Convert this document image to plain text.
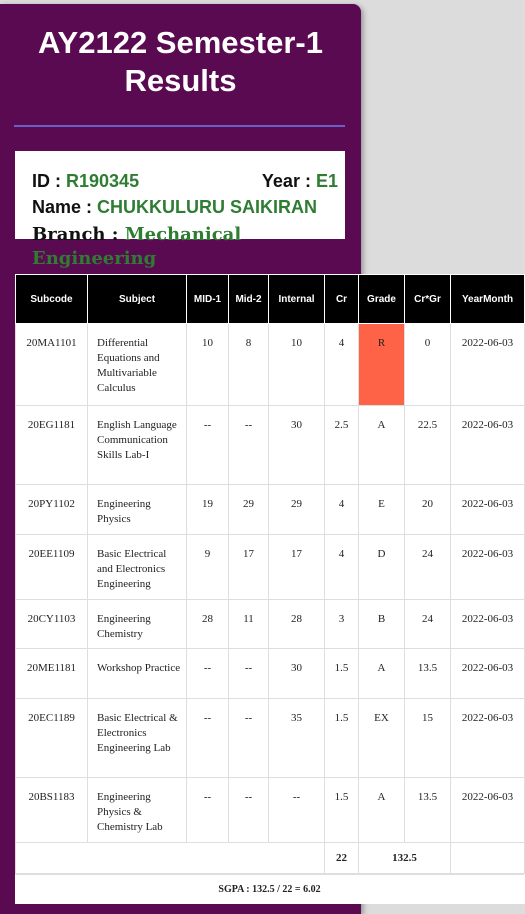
AY2122 Semester-1 Results
ID : R190345	Year : E1
Name : CHUKKULURU SAIKIRAN
Branch : Mechanical
Engineering
Subcode	Subject	MID-1	Mid-2	Internal	Cr	Grade	Cr*Gr	YearMonth
20MA1101	Differential Equations and Multivariable Calculus	10	8	10	4	R	0	2022-06-03
20EG1181	English Language Communication Skills Lab-I	--	--	30	2.5	A	22.5	2022-06-03
20PY1102	Engineering Physics	19	29	29	4	E	20	2022-06-03
20EE1109	Basic Electrical and Electronics Engineering	9	17	17	4	D	24	2022-06-03
20CY1103	Engineering Chemistry	28	11	28	3	B	24	2022-06-03
20ME1181	Workshop Practice	--	--	30	1.5	A	13.5	2022-06-03
20EC1189	Basic Electrical & Electronics Engineering Lab	--	--	35	1.5	EX	15	2022-06-03
20BS1183	Engineering Physics & Chemistry Lab	--	--	--	1.5	A	13.5	2022-06-03
					22	132.5		
SGPA : 132.5 / 22 = 6.02
